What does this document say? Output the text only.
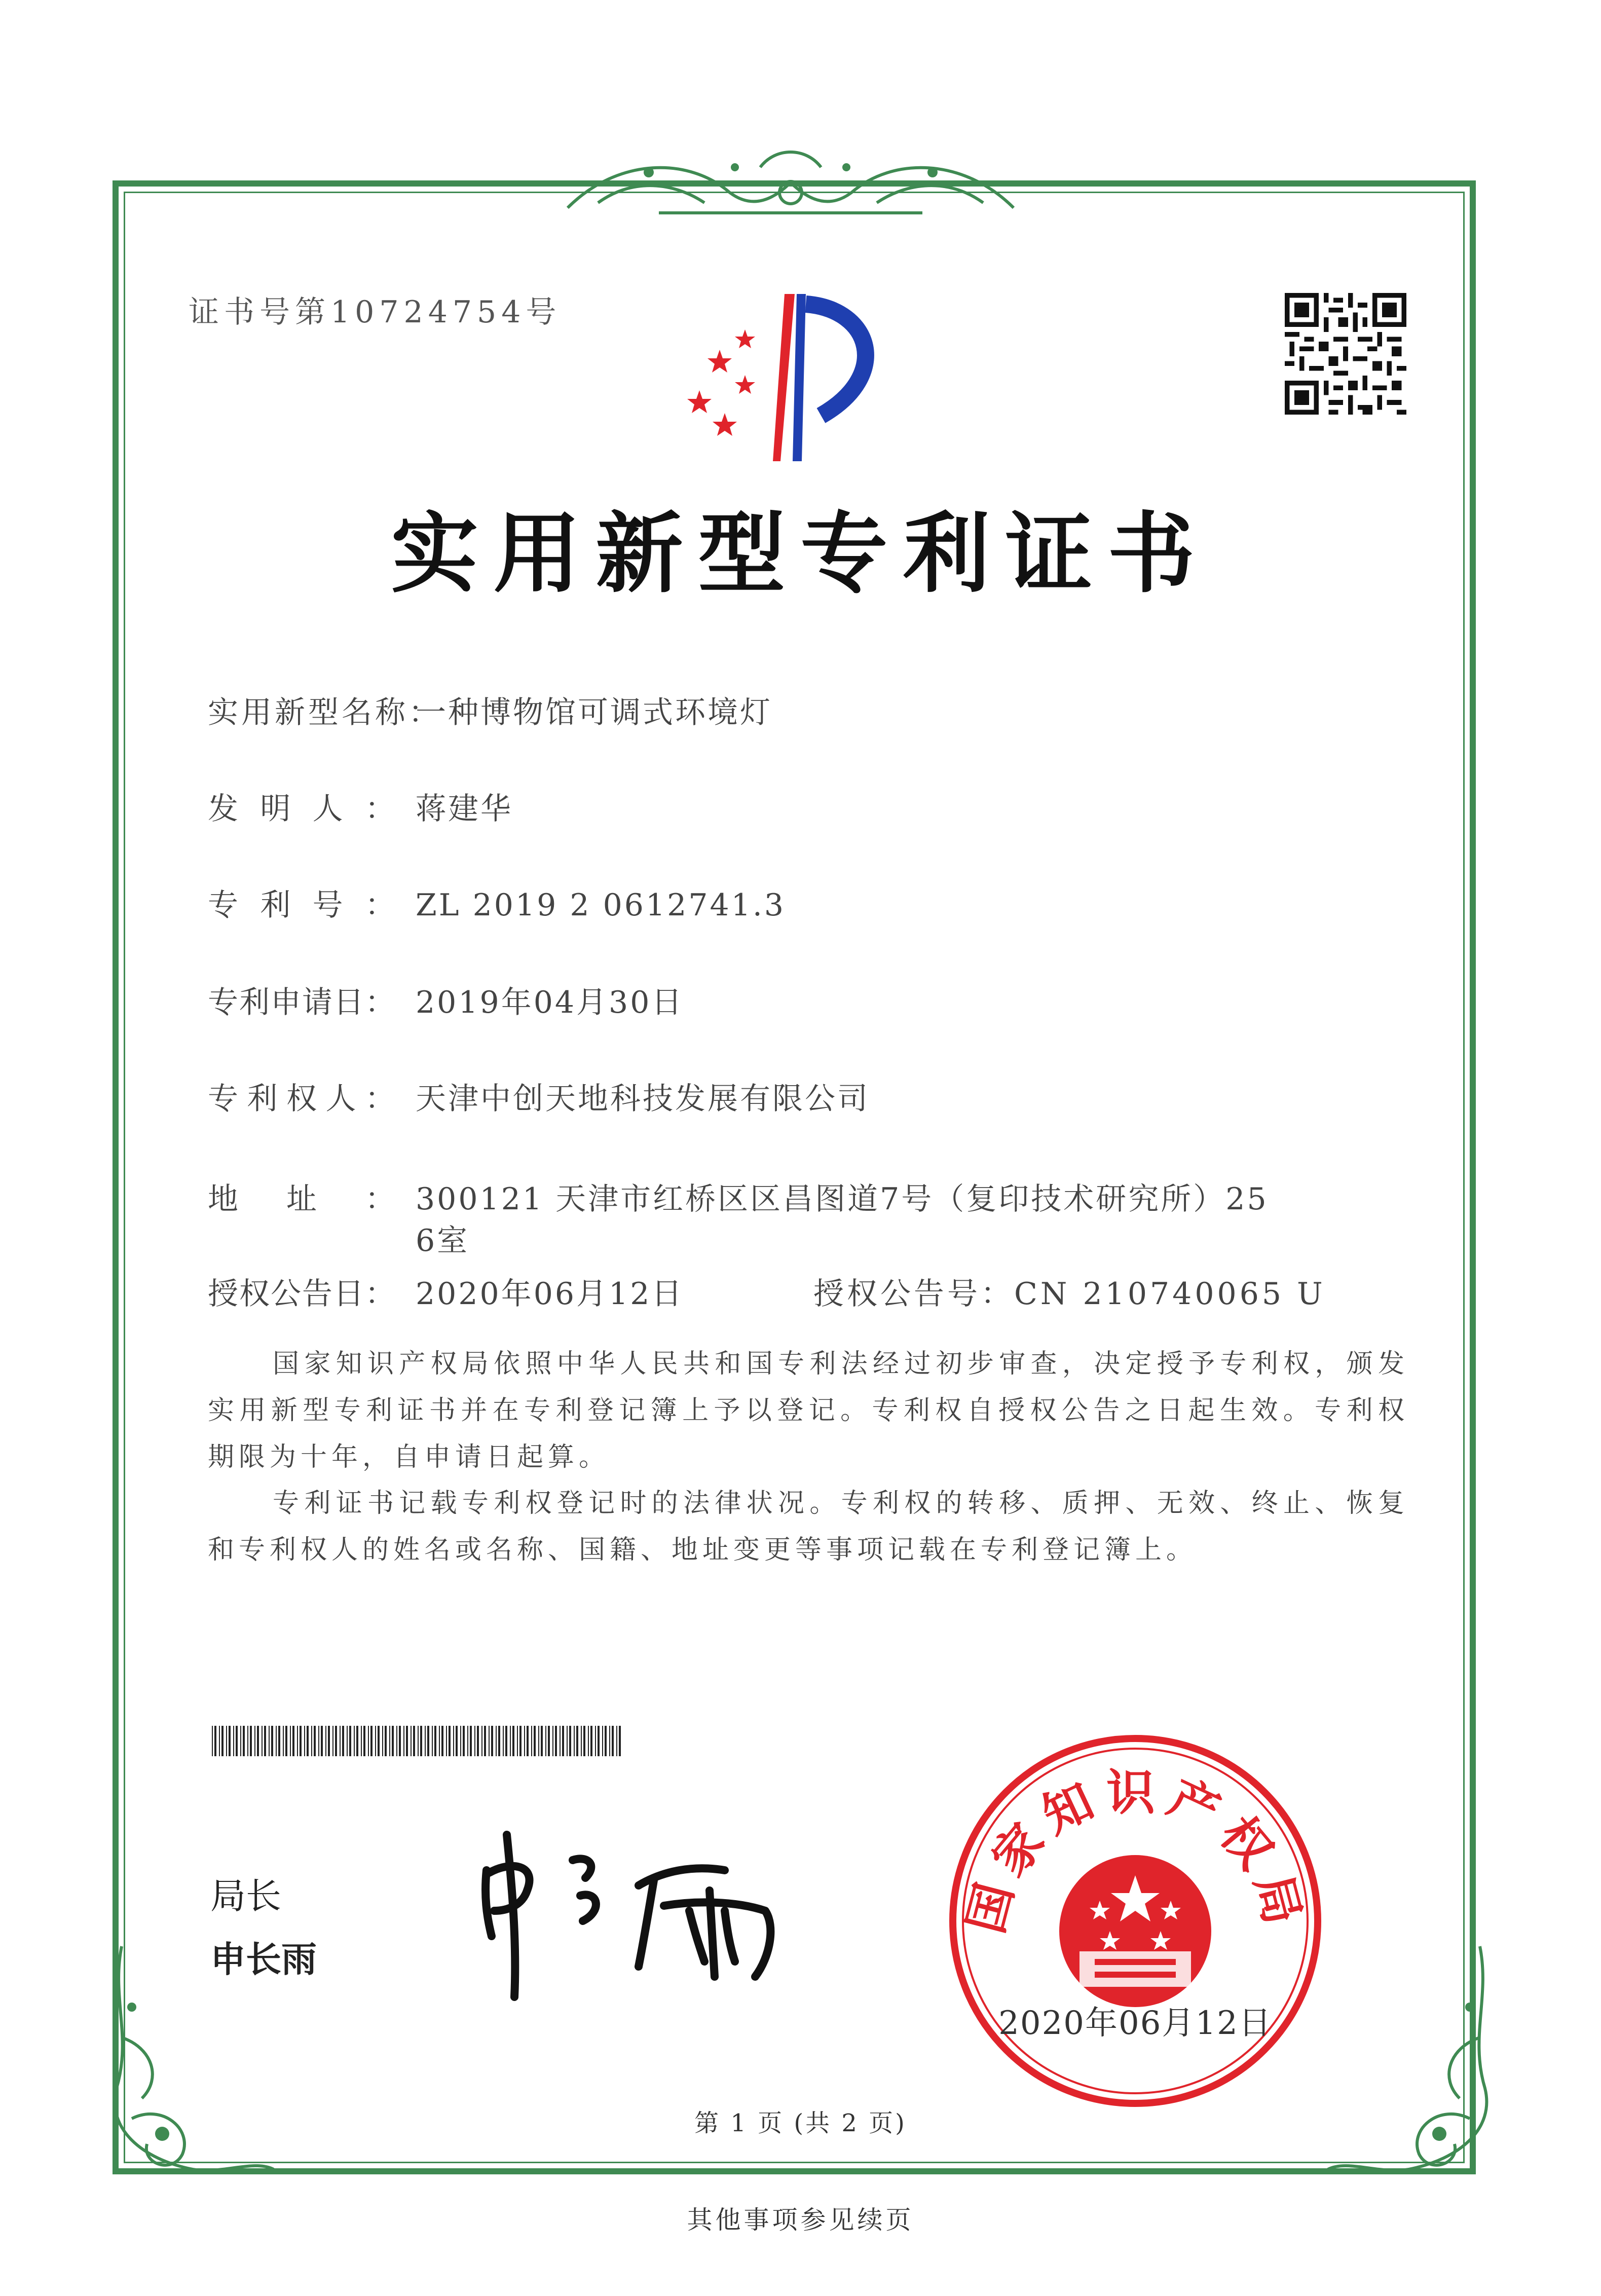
证书号第10724754号
实用新型专利证书
实用新型名称：一种博物馆可调式环境灯
发明人： 蒋建华
专利号： ZL 2019 2 0612741.3
专利申请日： 2019年04月30日
专利权人： 天津中创天地科技发展有限公司
地址： 300121 天津市红桥区区昌图道7号（复印技术研究所）25
6室
授权公告日： 2020年06月12日	授权公告号：CN 210740065 U

国家知识产权局依照中华人民共和国专利法经过初步审查，决定授予专利权，颁发实用新型专利证书并在专利登记簿上予以登记。专利权自授权公告之日起生效。专利权期限为十年，自申请日起算。

专利证书记载专利权登记时的法律状况。专利权的转移、质押、无效、终止、恢复和专利权人的姓名或名称、国籍、地址变更等事项记载在专利登记簿上。

局长
申长雨
国家知识产权局
2020年06月12日
第 1 页 (共 2 页)
其他事项参见续页
